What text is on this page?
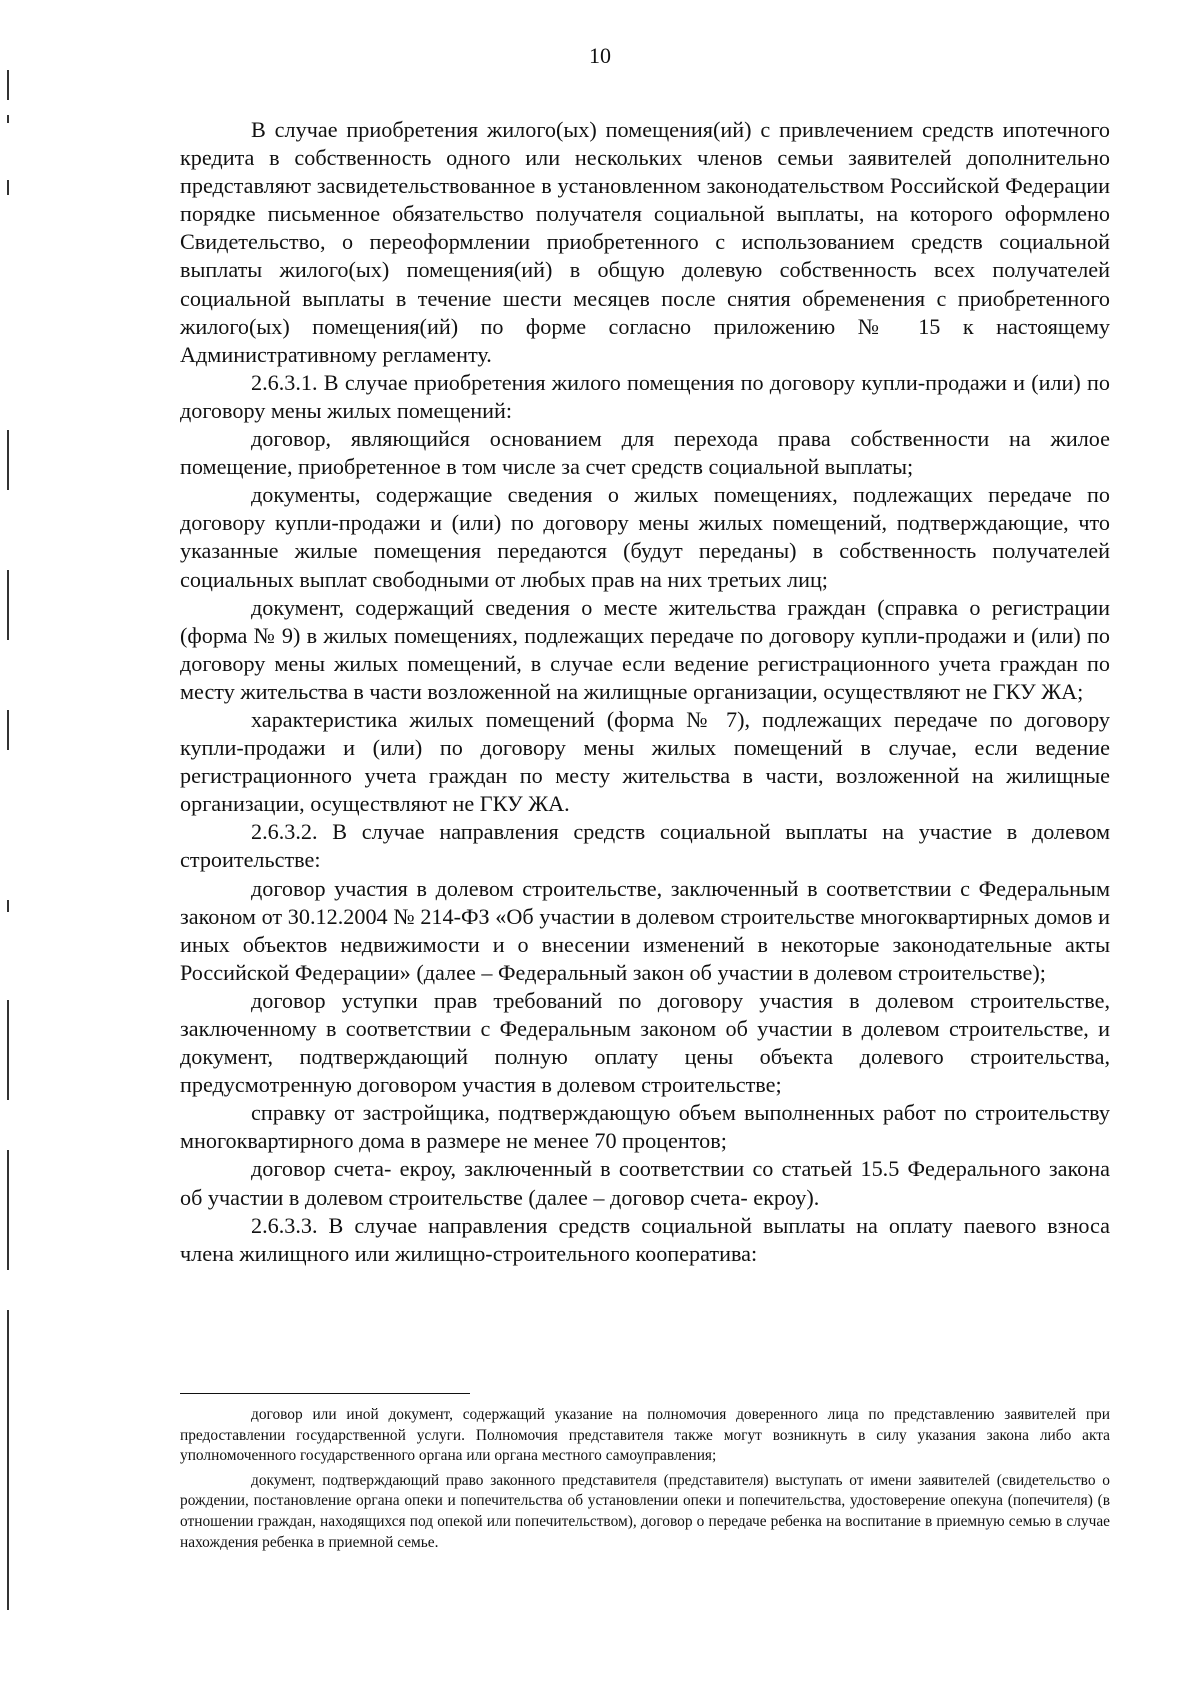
10

В случае приобретения жилого(ых) помещения(ий) с привлечением средств ипотечного кредита в собственность одного или нескольких членов семьи заявителей дополнительно представляют засвидетельствованное в установленном законодательством Российской Федерации порядке письменное обязательство получателя социальной выплаты, на которого оформлено Свидетельство, о переоформлении приобретенного с использованием средств социальной выплаты жилого(ых) помещения(ий) в общую долевую собственность всех получателей социальной выплаты в течение шести месяцев после снятия обременения с приобретенного жилого(ых) помещения(ий) по форме согласно приложению № 15 к настоящему Административному регламенту.

2.6.3.1. В случае приобретения жилого помещения по договору купли-продажи и (или) по договору мены жилых помещений:

договор, являющийся основанием для перехода права собственности на жилое помещение, приобретенное в том числе за счет средств социальной выплаты;

документы, содержащие сведения о жилых помещениях, подлежащих передаче по договору купли-продажи и (или) по договору мены жилых помещений, подтверждающие, что указанные жилые помещения передаются (будут переданы) в собственность получателей социальных выплат свободными от любых прав на них третьих лиц;

документ, содержащий сведения о месте жительства граждан (справка о регистрации (форма № 9) в жилых помещениях, подлежащих передаче по договору купли-продажи и (или) по договору мены жилых помещений, в случае если ведение регистрационного учета граждан по месту жительства в части возложенной на жилищные организации, осуществляют не ГКУ ЖА;

характеристика жилых помещений (форма № 7), подлежащих передаче по договору купли-продажи и (или) по договору мены жилых помещений в случае, если ведение регистрационного учета граждан по месту жительства в части, возложенной на жилищные организации, осуществляют не ГКУ ЖА.

2.6.3.2. В случае направления средств социальной выплаты на участие в долевом строительстве:

договор участия в долевом строительстве, заключенный в соответствии с Федеральным законом от 30.12.2004 № 214-ФЗ «Об участии в долевом строительстве многоквартирных домов и иных объектов недвижимости и о внесении изменений в некоторые законодательные акты Российской Федерации» (далее – Федеральный закон об участии в долевом строительстве);

договор уступки прав требований по договору участия в долевом строительстве, заключенному в соответствии с Федеральным законом об участии в долевом строительстве, и документ, подтверждающий полную оплату цены объекта долевого строительства, предусмотренную договором участия в долевом строительстве;

справку от застройщика, подтверждающую объем выполненных работ по строительству многоквартирного дома в размере не менее 70 процентов;

договор счета- екроу, заключенный в соответствии со статьей 15.5 Федерального закона об участии в долевом строительстве (далее – договор счета- екроу).

2.6.3.3. В случае направления средств социальной выплаты на оплату паевого взноса члена жилищного или жилищно-строительного кооператива:

договор или иной документ, содержащий указание на полномочия доверенного лица по представлению заявителей при предоставлении государственной услуги. Полномочия представителя также могут возникнуть в силу указания закона либо акта уполномоченного государственного органа или органа местного самоуправления;

документ, подтверждающий право законного представителя (представителя) выступать от имени заявителей (свидетельство о рождении, постановление органа опеки и попечительства об установлении опеки и попечительства, удостоверение опекуна (попечителя) (в отношении граждан, находящихся под опекой или попечительством), договор о передаче ребенка на воспитание в приемную семью в случае нахождения ребенка в приемной семье.
